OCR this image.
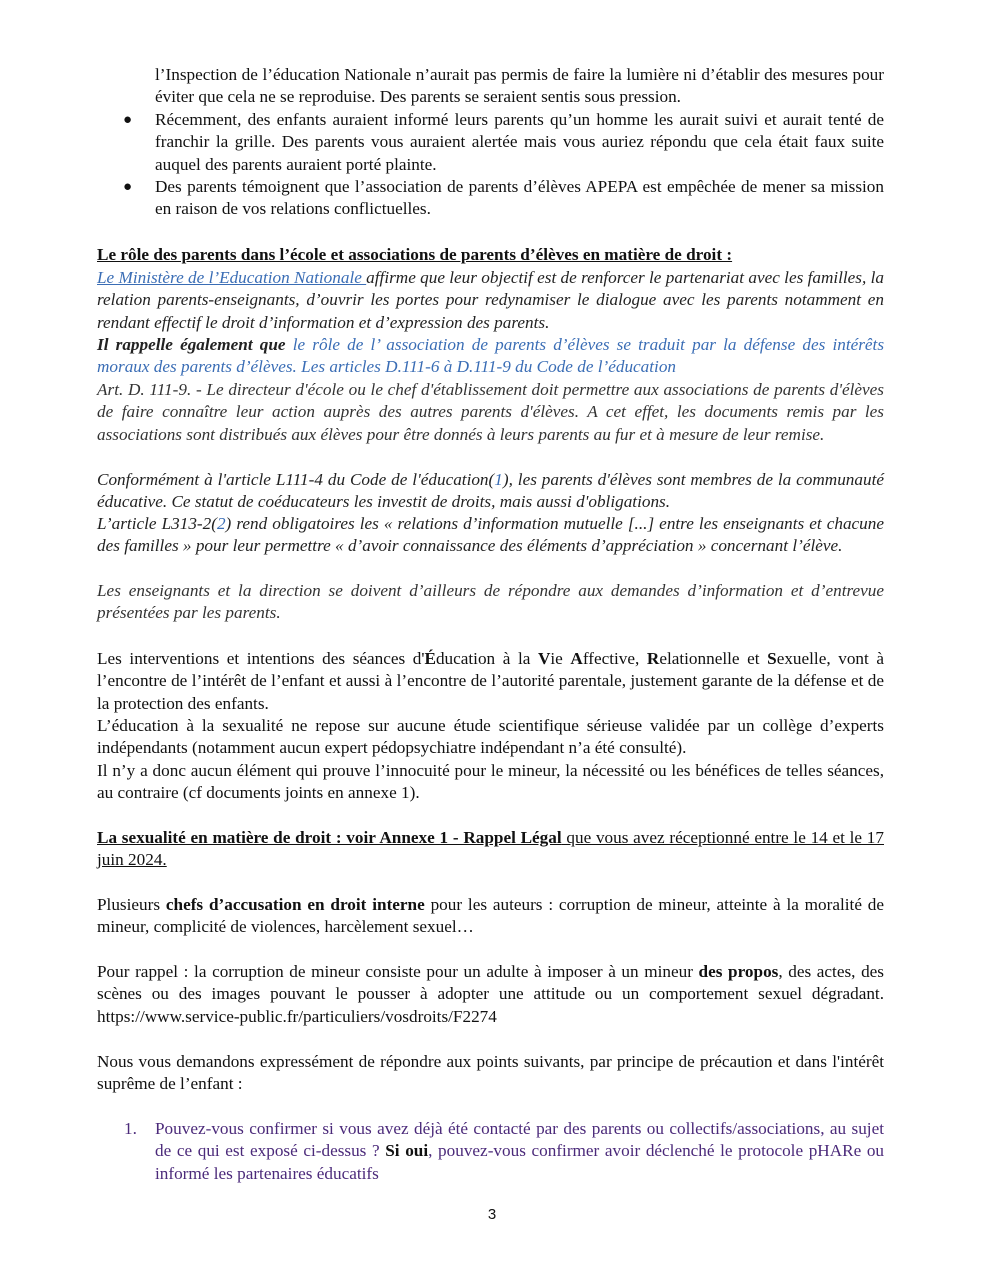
l’Inspection de l’éducation Nationale n’aurait pas permis de faire la lumière ni d’établir des mesures pour éviter que cela ne se reproduise. Des parents se seraient sentis sous pression.

● Récemment, des enfants auraient informé leurs parents qu’un homme les aurait suivi et aurait tenté de franchir la grille. Des parents vous auraient alertée mais vous auriez répondu que cela était faux suite auquel des parents auraient porté plainte.

● Des parents témoignent que l’association de parents d’élèves APEPA est empêchée de mener sa mission en raison de vos relations conflictuelles.

Le rôle des parents dans l’école et associations de parents d’élèves en matière de droit :

Le Ministère de l’Education Nationale affirme que leur objectif est de renforcer le partenariat avec les familles, la relation parents-enseignants, d’ouvrir les portes pour redynamiser le dialogue avec les parents notamment en rendant effectif le droit d’information et d’expression des parents.

Il rappelle également que le rôle de l’ association de parents d’élèves se traduit par la défense des intérêts moraux des parents d’élèves. Les articles D.111-6 à D.111-9 du Code de l’éducation

Art. D. 111-9. - Le directeur d'école ou le chef d'établissement doit permettre aux associations de parents d'élèves de faire connaître leur action auprès des autres parents d'élèves. A cet effet, les documents remis par les associations sont distribués aux élèves pour être donnés à leurs parents au fur et à mesure de leur remise.

Conformément à l'article L111-4 du Code de l'éducation(1), les parents d'élèves sont membres de la communauté éducative. Ce statut de coéducateurs les investit de droits, mais aussi d'obligations.

L’article L313-2(2) rend obligatoires les « relations d’information mutuelle [...] entre les enseignants et chacune des familles » pour leur permettre « d’avoir connaissance des éléments d’appréciation » concernant l’élève.

Les enseignants et la direction se doivent d’ailleurs de répondre aux demandes d’information et d’entrevue présentées par les parents.

Les interventions et intentions des séances d'Éducation à la Vie Affective, Relationnelle et Sexuelle, vont à l’encontre de l’intérêt de l’enfant et aussi à l’encontre de l’autorité parentale, justement garante de la défense et de la protection des enfants.

L’éducation à la sexualité ne repose sur aucune étude scientifique sérieuse validée par un collège d’experts indépendants (notamment aucun expert pédopsychiatre indépendant n’a été consulté).

Il n’y a donc aucun élément qui prouve l’innocuité pour le mineur, la nécessité ou les bénéfices de telles séances, au contraire (cf documents joints en annexe 1).

La sexualité en matière de droit : voir Annexe 1 - Rappel Légal que vous avez réceptionné entre le 14 et le 17 juin 2024.

Plusieurs chefs d’accusation en droit interne pour les auteurs : corruption de mineur, atteinte à la moralité de mineur, complicité de violences, harcèlement sexuel…

Pour rappel : la corruption de mineur consiste pour un adulte à imposer à un mineur des propos, des actes, des scènes ou des images pouvant le pousser à adopter une attitude ou un comportement sexuel dégradant. https://www.service-public.fr/particuliers/vosdroits/F2274

Nous vous demandons expressément de répondre aux points suivants, par principe de précaution et dans l'intérêt suprême de l’enfant :

1. Pouvez-vous confirmer si vous avez déjà été contacté par des parents ou collectifs/associations, au sujet de ce qui est exposé ci-dessus ? Si oui, pouvez-vous confirmer avoir déclenché le protocole pHARe ou informé les partenaires éducatifs

3
